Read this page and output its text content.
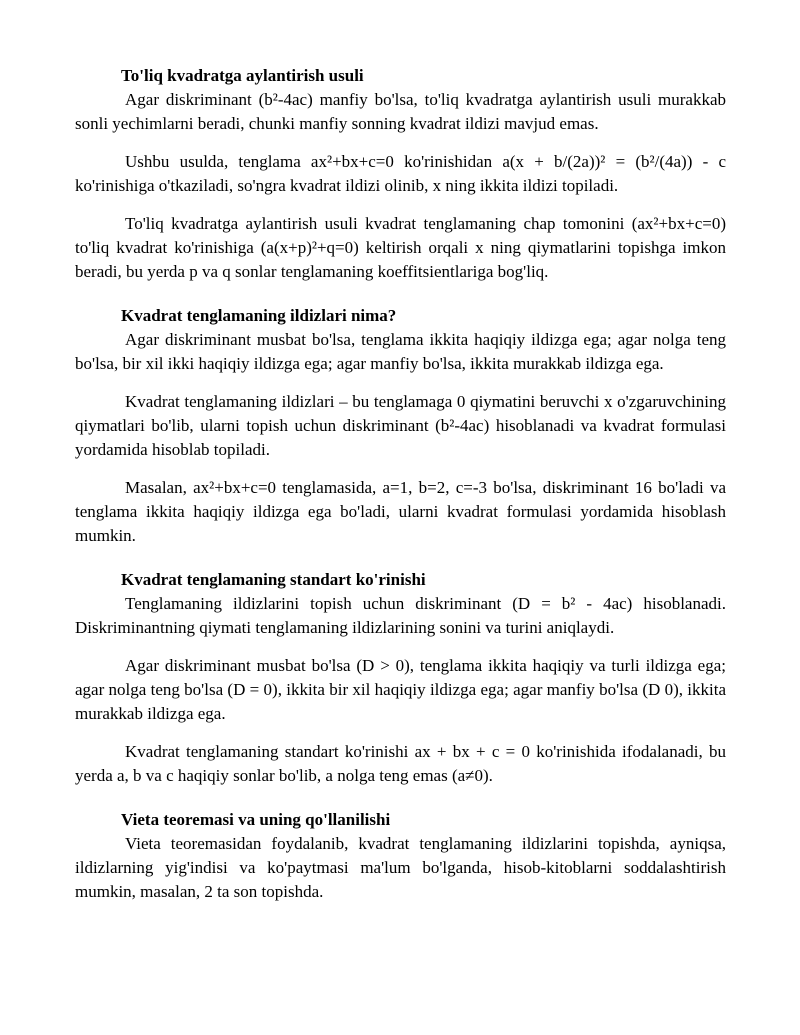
To'liq kvadratga aylantirish usuli

Agar diskriminant (b²-4ac) manfiy bo'lsa, to'liq kvadratga aylantirish usuli murakkab sonli yechimlarni beradi, chunki manfiy sonning kvadrat ildizi mavjud emas.

Ushbu usulda, tenglama ax²+bx+c=0 ko'rinishidan a(x + b/(2a))² = (b²/(4a)) - c ko'rinishiga o'tkaziladi, so'ngra kvadrat ildizi olinib, x ning ikkita ildizi topiladi.

To'liq kvadratga aylantirish usuli kvadrat tenglamaning chap tomonini (ax²+bx+c=0) to'liq kvadrat ko'rinishiga (a(x+p)²+q=0) keltirish orqali x ning qiymatlarini topishga imkon beradi, bu yerda p va q sonlar tenglamaning koeffitsientlariga bog'liq.

Kvadrat tenglamaning ildizlari nima?

Agar diskriminant musbat bo'lsa, tenglama ikkita haqiqiy ildizga ega; agar nolga teng bo'lsa, bir xil ikki haqiqiy ildizga ega; agar manfiy bo'lsa, ikkita murakkab ildizga ega.

Kvadrat tenglamaning ildizlari – bu tenglamaga 0 qiymatini beruvchi x o'zgaruvchining qiymatlari bo'lib, ularni topish uchun diskriminant (b²-4ac) hisoblanadi va kvadrat formulasi yordamida hisoblab topiladi.

Masalan, ax²+bx+c=0 tenglamasida, a=1, b=2, c=-3 bo'lsa, diskriminant 16 bo'ladi va tenglama ikkita haqiqiy ildizga ega bo'ladi, ularni kvadrat formulasi yordamida hisoblash mumkin.

Kvadrat tenglamaning standart ko'rinishi

Tenglamaning ildizlarini topish uchun diskriminant (D = b² - 4ac) hisoblanadi. Diskriminantning qiymati tenglamaning ildizlarining sonini va turini aniqlaydi.

Agar diskriminant musbat bo'lsa (D > 0), tenglama ikkita haqiqiy va turli ildizga ega; agar nolga teng bo'lsa (D = 0), ikkita bir xil haqiqiy ildizga ega; agar manfiy bo'lsa (D 0), ikkita murakkab ildizga ega.

Kvadrat tenglamaning standart ko'rinishi ax + bx + c = 0 ko'rinishida ifodalanadi, bu yerda a, b va c haqiqiy sonlar bo'lib, a nolga teng emas (a≠0).

Vieta teoremasi va uning qo'llanilishi

Vieta teoremasidan foydalanib, kvadrat tenglamaning ildizlarini topishda, ayniqsa, ildizlarning yig'indisi va ko'paytmasi ma'lum bo'lganda, hisob-kitoblarni soddalashtirish mumkin, masalan, 2 ta son topishda.
